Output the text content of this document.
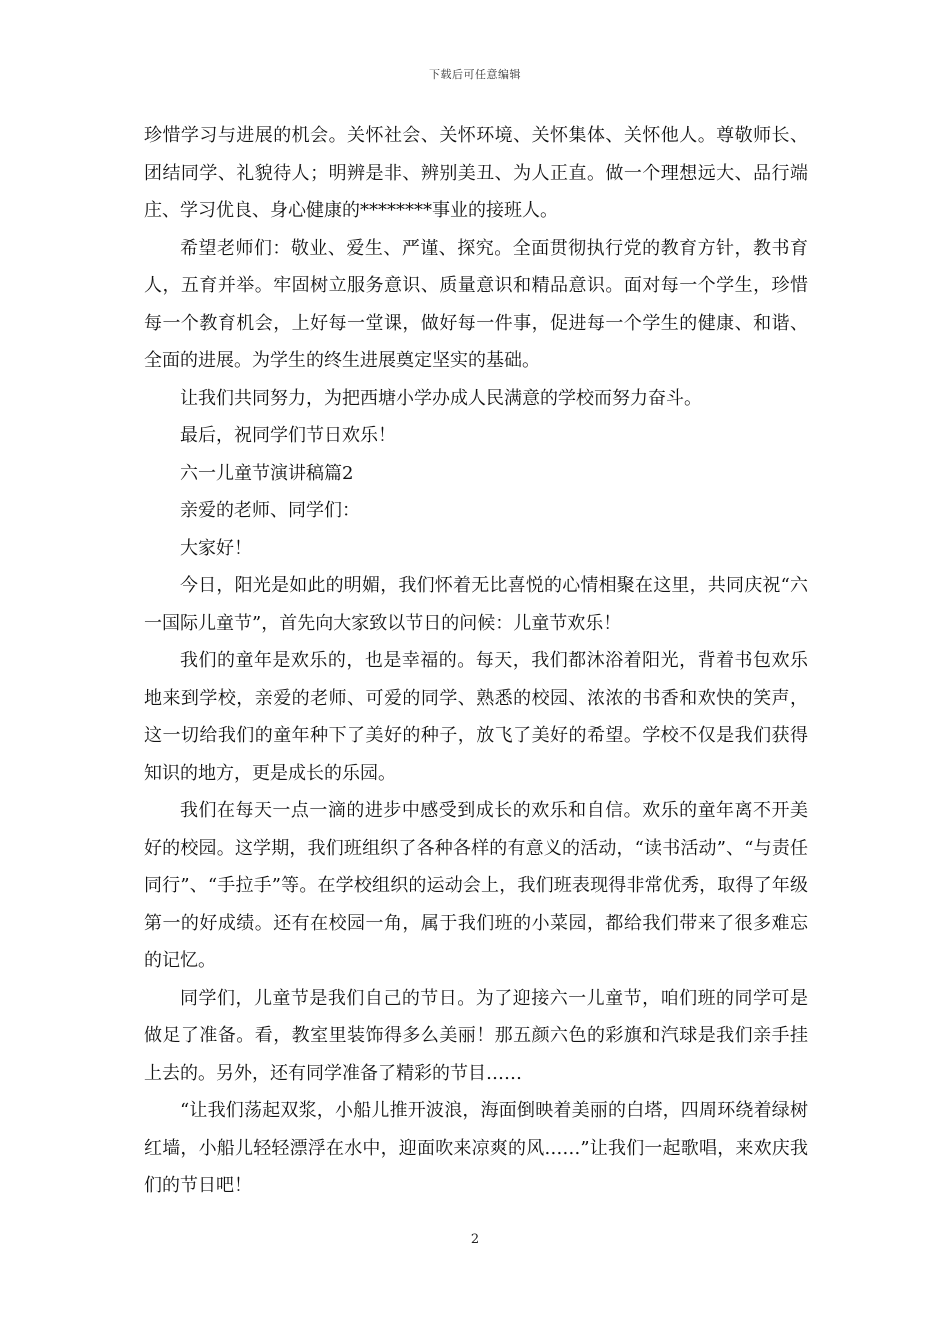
下载后可任意编辑

珍惜学习与进展的机会。关怀社会、关怀环境、关怀集体、关怀他人。尊敬师长、团结同学、礼貌待人；明辨是非、辨别美丑、为人正直。做一个理想远大、品行端庄、学习优良、身心健康的********事业的接班人。

希望老师们：敬业、爱生、严谨、探究。全面贯彻执行党的教育方针，教书育人，五育并举。牢固树立服务意识、质量意识和精品意识。面对每一个学生，珍惜每一个教育机会，上好每一堂课，做好每一件事，促进每一个学生的健康、和谐、全面的进展。为学生的终生进展奠定坚实的基础。

让我们共同努力，为把西塘小学办成人民满意的学校而努力奋斗。

最后，祝同学们节日欢乐！

六一儿童节演讲稿篇2

亲爱的老师、同学们：

大家好！

今日，阳光是如此的明媚，我们怀着无比喜悦的心情相聚在这里，共同庆祝“六一国际儿童节”，首先向大家致以节日的问候：儿童节欢乐！

我们的童年是欢乐的，也是幸福的。每天，我们都沐浴着阳光，背着书包欢乐地来到学校，亲爱的老师、可爱的同学、熟悉的校园、浓浓的书香和欢快的笑声，这一切给我们的童年种下了美好的种子，放飞了美好的希望。学校不仅是我们获得知识的地方，更是成长的乐园。

我们在每天一点一滴的进步中感受到成长的欢乐和自信。欢乐的童年离不开美好的校园。这学期，我们班组织了各种各样的有意义的活动，“读书活动”、“与责任同行”、“手拉手”等。在学校组织的运动会上，我们班表现得非常优秀，取得了年级第一的好成绩。还有在校园一角，属于我们班的小菜园，都给我们带来了很多难忘的记忆。

同学们，儿童节是我们自己的节日。为了迎接六一儿童节，咱们班的同学可是做足了准备。看，教室里装饰得多么美丽！那五颜六色的彩旗和汽球是我们亲手挂上去的。另外，还有同学准备了精彩的节目……

“让我们荡起双浆，小船儿推开波浪，海面倒映着美丽的白塔，四周环绕着绿树红墙，小船儿轻轻漂浮在水中，迎面吹来凉爽的风……”让我们一起歌唱，来欢庆我们的节日吧！

2
